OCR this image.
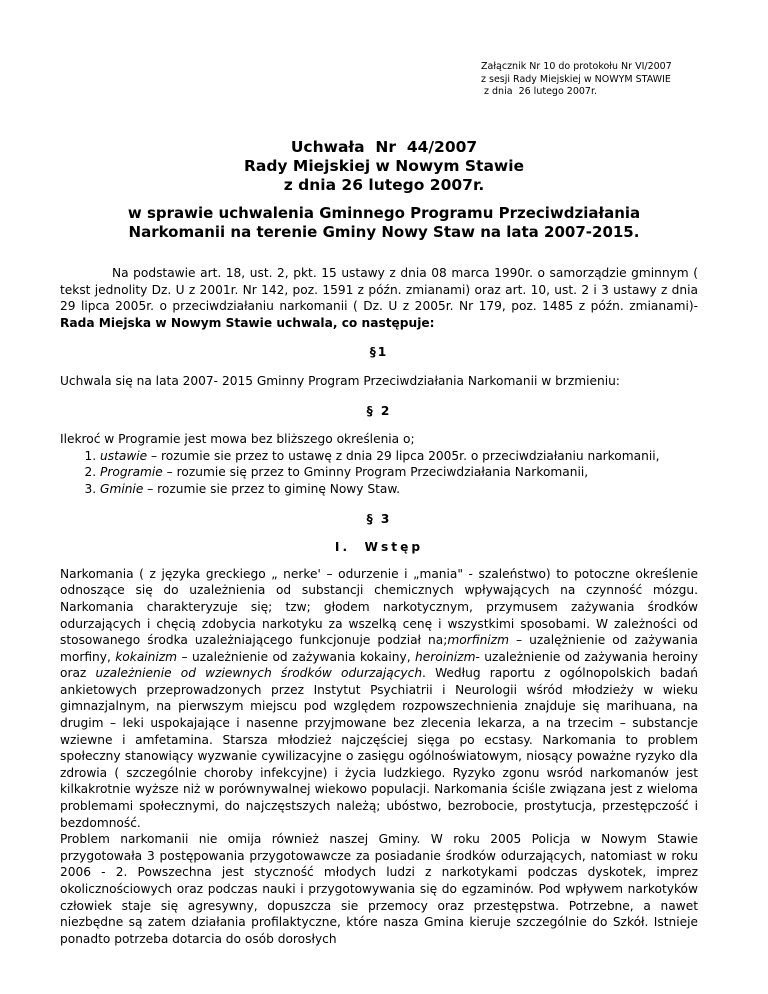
Załącznik Nr 10 do protokołu Nr VI/2007
z sesji Rady Miejskiej w NOWYM STAWIE
z dnia  26 lutego 2007r.
Uchwała  Nr  44/2007
Rady Miejskiej w Nowym Stawie
z dnia 26 lutego 2007r.
w sprawie uchwalenia Gminnego Programu Przeciwdziałania
Narkomanii na terenie Gminy Nowy Staw na lata 2007-2015.

Na podstawie art. 18, ust. 2, pkt. 15 ustawy z dnia 08 marca 1990r. o samorządzie gminnym ( tekst jednolity Dz. U z 2001r. Nr 142, poz. 1591 z późn. zmianami) oraz art. 10, ust. 2 i 3 ustawy z dnia 29 lipca 2005r. o przeciwdziałaniu narkomanii ( Dz. U z 2005r. Nr 179, poz. 1485 z późn. zmianami)- Rada Miejska w Nowym Stawie uchwala, co następuje:

§1

Uchwala się na lata 2007- 2015 Gminny Program Przeciwdziałania Narkomanii w brzmieniu:

§ 2

Ilekroć w Programie jest mowa bez bliższego określenia o;

1. ustawie – rozumie sie przez to ustawę z dnia 29 lipca 2005r. o przeciwdziałaniu narkomanii,
2. Programie – rozumie się przez to Gminny Program Przeciwdziałania Narkomanii,
3. Gminie – rozumie sie przez to giminę Nowy Staw.
§ 3
I.  Wstęp

Narkomania ( z języka greckiego „ nerke' – odurzenie i „mania" - szaleństwo) to potoczne określenie odnoszące się do uzależnienia od substancji chemicznych wpływających na czynność mózgu. Narkomania charakteryzuje się; tzw; głodem narkotycznym, przymusem zażywania środków odurzających i chęcią zdobycia narkotyku za wszelką cenę i wszystkimi sposobami. W zależności od stosowanego środka uzależniającego funkcjonuje podział na;morfinizm – uzalężnienie od zażywania morfiny, kokainizm – uzależnienie od zażywania kokainy, heroinizm- uzależnienie od zażywania heroiny oraz uzależnienie od wziewnych środków odurzających. Według raportu z ogólnopolskich badań ankietowych przeprowadzonych przez Instytut Psychiatrii i Neurologii wśród młodzieży w wieku gimnazjalnym, na pierwszym miejscu pod względem rozpowszechnienia znajduje się marihuana, na drugim – leki uspokajające i nasenne przyjmowane bez zlecenia lekarza, a na trzecim – substancje wziewne i amfetamina. Starsza młodzież najczęściej sięga po ecstasy. Narkomania to problem społeczny stanowiący wyzwanie cywilizacyjne o zasięgu ogólnoświatowym, niosący poważne ryzyko dla zdrowia ( szczególnie choroby infekcyjne) i życia ludzkiego. Ryzyko zgonu wsród narkomanów jest kilkakrotnie wyższe niż w porównywalnej wiekowo populacji. Narkomania ściśle związana jest z wieloma problemami społecznymi, do najczęstszych należą; ubóstwo, bezrobocie, prostytucja, przestępczość i bezdomność.

Problem narkomanii nie omija również naszej Gminy. W roku 2005 Policja w Nowym Stawie przygotowała 3 postępowania przygotowawcze za posiadanie środków odurzających, natomiast w roku 2006 - 2. Powszechna jest styczność młodych ludzi z narkotykami podczas dyskotek, imprez okolicznościowych oraz podczas nauki i przygotowywania się do egzaminów. Pod wpływem narkotyków człowiek staje się agresywny, dopuszcza sie przemocy oraz przestępstwa. Potrzebne, a nawet niezbędne są zatem działania profilaktyczne, które nasza Gmina kieruje szczególnie do Szkół. Istnieje ponadto potrzeba dotarcia do osób dorosłych
